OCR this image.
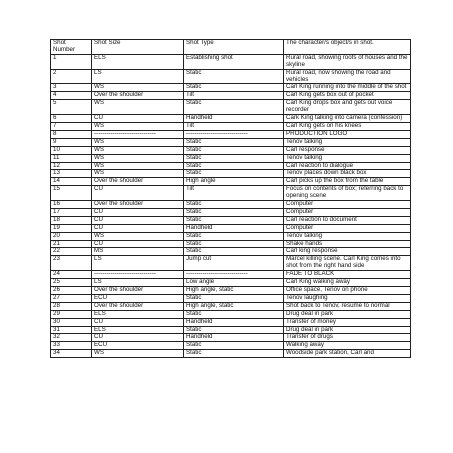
Shot Number	Shot Size	Shot Type	The character/s object/s in shot.
1	ELS	Establishing shot	Rural road, showing roofs of houses and the skyline
2	LS	Static	Rural road, now showing the road and vehicles
3	WS	Static	Carl King running into the middle of the shot
4	Over the shoulder	Tilt	Carl King gets box out of pocket
5	WS	Static	Carl King drops box and gets out voice recorder
6	CU	Handheld	Cark King talking into camera (confession)
7	WS	Tilt	Carl King gets on his knees
8	------------------------------	------------------------------	PRODUCTION LOGO
9	WS	Static	Tenov talking
10	WS	Static	Carl response
11	WS	Static	Tenov talking
12	WS	Static	Carl reaction to dialogue
13	WS	Static	Tenov places down black box
14	Over the shoulder	High angle	Carl picks up the box from the table
15	CU	Tilt	Focus on contents of box; referring back to opening scene
16	Over the shoulder	Static	Computer
17	CU	Static	Computer
18	CU	Static	Carl reaction to document
19	CU	Handheld	Computer
20	WS	Static	Tenov talking
21	CU	Static	Shake hands
22	MS	Static	Carl king response
23	LS	Jump cut	Marcel killing scene. Carl King comes into shot from the right hand side
24	------------------------------	------------------------------	FADE TO BLACK
25	LS	Low angle	Carl King walking away
26	Over the shoulder	High angle, static	Office space, Tenov on phone
27	ECU	Static	Tenov laughing
28	Over the shoulder	High angle, static	Shot back to Tenov, resume to normal
29	ELS	Static	Drug deal in park
30	CU	Handheld	Transfer of money
31	ELS	Static	Drug deal in park
32	CU	Handheld	Transfer of drugs
33	ECU	Static	Walking away
34	WS	Static	Woodside park station, Carl and
